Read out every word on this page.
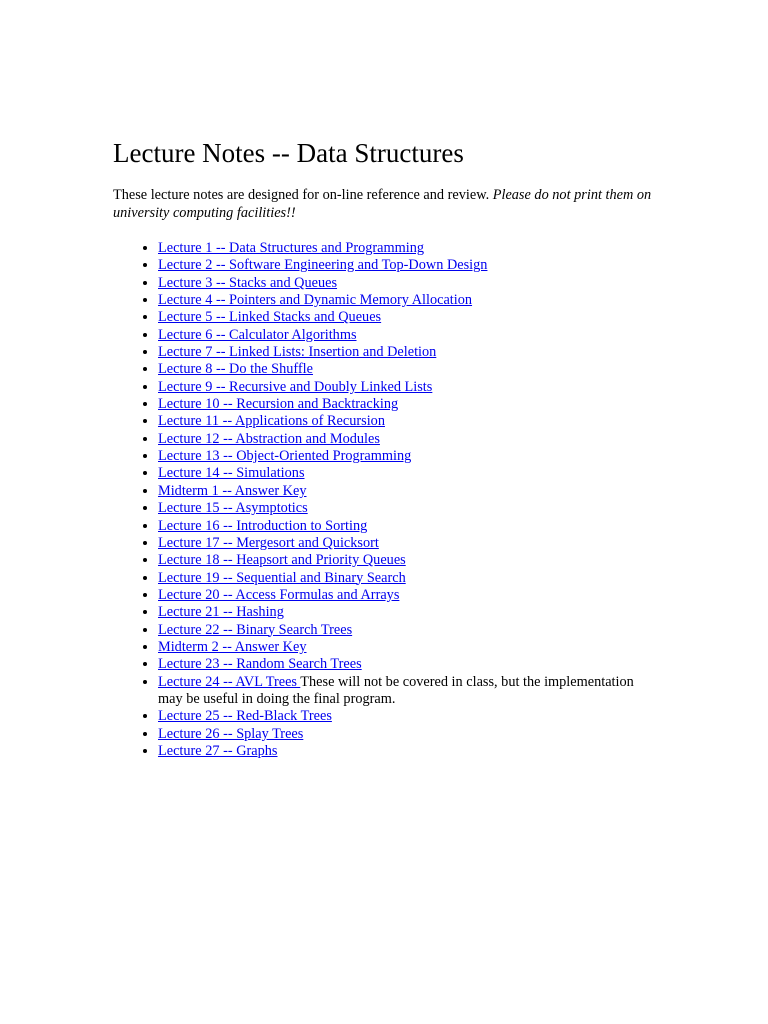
Lecture Notes -- Data Structures

These lecture notes are designed for on-line reference and review. Please do not print them on university computing facilities!!

• Lecture 1 -- Data Structures and Programming
• Lecture 2 -- Software Engineering and Top-Down Design
• Lecture 3 -- Stacks and Queues
• Lecture 4 -- Pointers and Dynamic Memory Allocation
• Lecture 5 -- Linked Stacks and Queues
• Lecture 6 -- Calculator Algorithms
• Lecture 7 -- Linked Lists: Insertion and Deletion
• Lecture 8 -- Do the Shuffle
• Lecture 9 -- Recursive and Doubly Linked Lists
• Lecture 10 -- Recursion and Backtracking
• Lecture 11 -- Applications of Recursion
• Lecture 12 -- Abstraction and Modules
• Lecture 13 -- Object-Oriented Programming
• Lecture 14 -- Simulations
• Midterm 1 -- Answer Key
• Lecture 15 -- Asymptotics
• Lecture 16 -- Introduction to Sorting
• Lecture 17 -- Mergesort and Quicksort
• Lecture 18 -- Heapsort and Priority Queues
• Lecture 19 -- Sequential and Binary Search
• Lecture 20 -- Access Formulas and Arrays
• Lecture 21 -- Hashing
• Lecture 22 -- Binary Search Trees
• Midterm 2 -- Answer Key
• Lecture 23 -- Random Search Trees
• Lecture 24 -- AVL Trees These will not be covered in class, but the implementation may be useful in doing the final program.
• Lecture 25 -- Red-Black Trees
• Lecture 26 -- Splay Trees
• Lecture 27 -- Graphs
